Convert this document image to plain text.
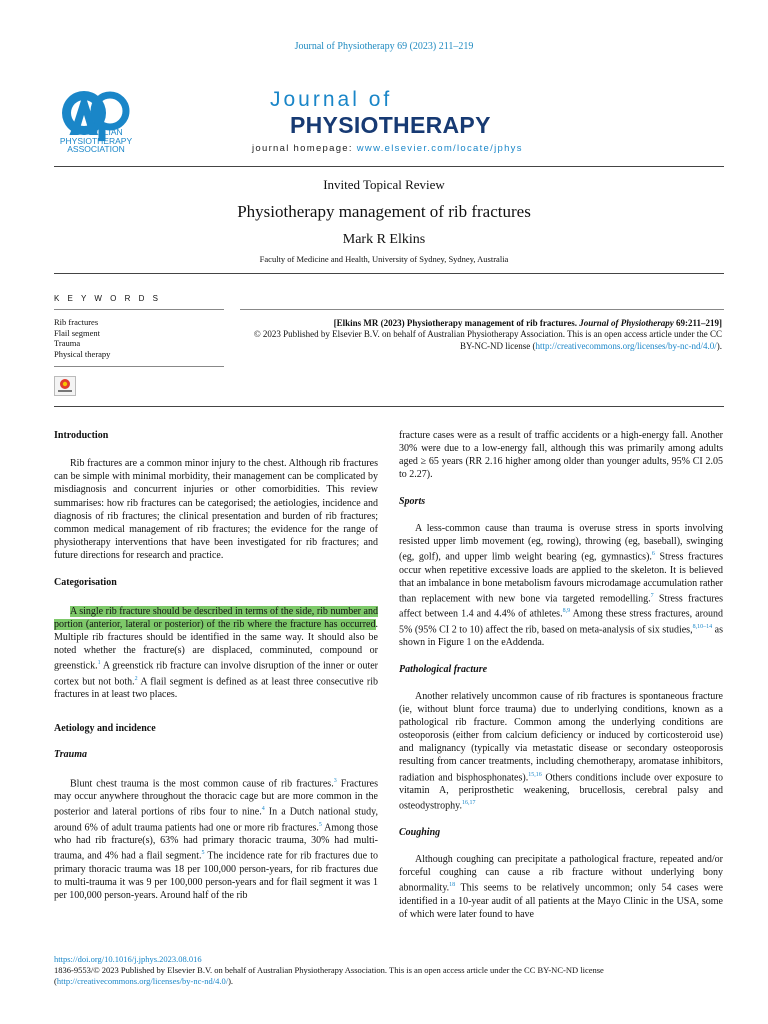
Journal of Physiotherapy 69 (2023) 211–219
AUSTRALIAN PHYSIOTHERAPY ASSOCIATION
Journal of
PHYSIOTHERAPY
journal homepage: www.elsevier.com/locate/jphys
Invited Topical Review
Physiotherapy management of rib fractures
Mark R Elkins
Faculty of Medicine and Health, University of Sydney, Sydney, Australia
K E Y W O R D S
Rib fractures
Flail segment
Trauma
Physical therapy
[Elkins MR (2023) Physiotherapy management of rib fractures. Journal of Physiotherapy 69:211–219]
© 2023 Published by Elsevier B.V. on behalf of Australian Physiotherapy Association. This is an open access article under the CC BY-NC-ND license (http://creativecommons.org/licenses/by-nc-nd/4.0/).
Introduction

Rib fractures are a common minor injury to the chest. Although rib fractures can be simple with minimal morbidity, their management can be complicated by misdiagnosis and concurrent injuries or other comorbidities. This review summarises: how rib fractures can be categorised; the aetiologies, incidence and diagnosis of rib fractures; the clinical presentation and burden of rib fractures; common medical management of rib fractures; the evidence for the range of physiotherapy interventions that have been investigated for rib fractures; and future directions for research and practice.

Categorisation

A single rib fracture should be described in terms of the side, rib number and portion (anterior, lateral or posterior) of the rib where the fracture has occurred. Multiple rib fractures should be identified in the same way. It should also be noted whether the fracture(s) are displaced, comminuted, compound or greenstick.$^1$ A greenstick rib fracture can involve disruption of the inner or outer cortex but not both.$^2$ A flail segment is defined as at least three consecutive rib fractures in at least two places.

Aetiology and incidence
Trauma

Blunt chest trauma is the most common cause of rib fractures.$^3$ Fractures may occur anywhere throughout the thoracic cage but are more common in the posterior and lateral portions of ribs four to nine.$^4$ In a Dutch national study, around 6% of adult trauma patients had one or more rib fractures.$^5$ Among those who had rib fracture(s), 63% had primary thoracic trauma, 30% had multi-trauma, and 4% had a flail segment.$^5$ The incidence rate for rib fractures due to primary thoracic trauma was 18 per 100,000 person-years, for rib fractures due to multi-trauma it was 9 per 100,000 person-years and for flail segment it was 1 per 100,000 person-years. Around half of the rib

fracture cases were as a result of traffic accidents or a high-energy fall. Another 30% were due to a low-energy fall, although this was primarily among adults aged ≥ 65 years (RR 2.16 higher among older than younger adults, 95% CI 2.05 to 2.27).

Sports

A less-common cause than trauma is overuse stress in sports involving resisted upper limb movement (eg, rowing), throwing (eg, baseball), swinging (eg, golf), and upper limb weight bearing (eg, gymnastics).$^6$ Stress fractures occur when repetitive excessive loads are applied to the skeleton. It is believed that an imbalance in bone metabolism favours microdamage accumulation rather than replacement with new bone via targeted remodelling.$^7$ Stress fractures affect between 1.4 and 4.4% of athletes.$^{8,9}$ Among these stress fractures, around 5% (95% CI 2 to 10) affect the rib, based on meta-analysis of six studies,$^{8,10-14}$ as shown in Figure 1 on the eAddenda.

Pathological fracture

Another relatively uncommon cause of rib fractures is spontaneous fracture (ie, without blunt force trauma) due to underlying conditions, known as a pathological rib fracture. Common among the underlying conditions are osteoporosis (either from calcium deficiency or induced by corticosteroid use) and malignancy (typically via metastatic disease or secondary osteoporosis resulting from cancer treatments, including chemotherapy, aromatase inhibitors, radiation and bisphosphonates).$^{15,16}$ Others conditions include over exposure to vitamin A, periprosthetic weakening, brucellosis, cerebral palsy and osteodystrophy.$^{16,17}$

Coughing

Although coughing can precipitate a pathological fracture, repeated and/or forceful coughing can cause a rib fracture without underlying bony abnormality.$^{18}$ This seems to be relatively uncommon; only 54 cases were identified in a 10-year audit of all patients at the Mayo Clinic in the USA, some of which were later found to have

https://doi.org/10.1016/j.jphys.2023.08.016
1836-9553/© 2023 Published by Elsevier B.V. on behalf of Australian Physiotherapy Association. This is an open access article under the CC BY-NC-ND license (http://creativecommons.org/licenses/by-nc-nd/4.0/).
